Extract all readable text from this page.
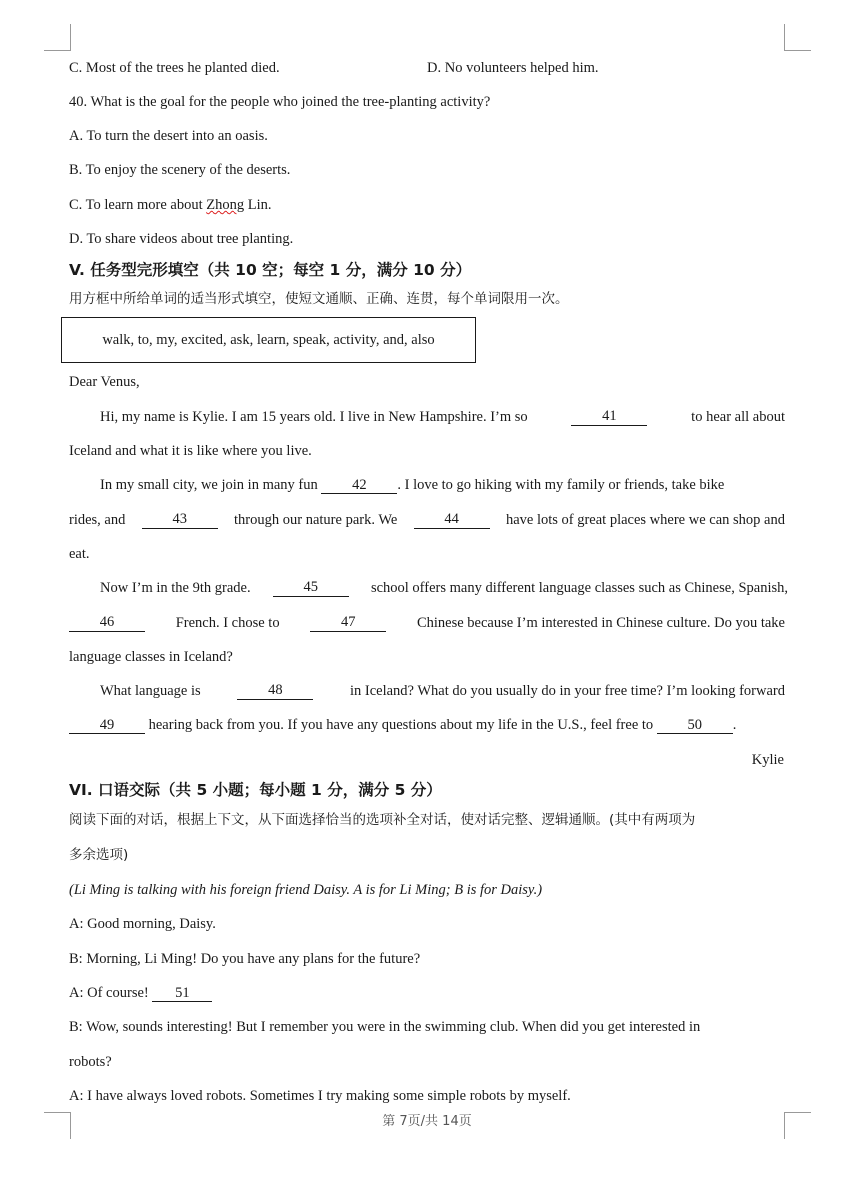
C. Most of the trees he planted died.	D. No volunteers helped him.
40. What is the goal for the people who joined the tree-planting activity?
A. To turn the desert into an oasis.
B. To enjoy the scenery of the deserts.
C. To learn more about Zhong Lin.
D. To share videos about tree planting.
V. 任务型完形填空（共 10 空；每空 1 分，满分 10 分）
用方框中所给单词的适当形式填空，使短文通顺、正确、连贯，每个单词限用一次。
walk, to, my, excited, ask, learn, speak, activity, and, also
Dear Venus,
Hi, my name is Kylie. I am 15 years old. I live in New Hampshire. I’m so	41	to hear all about
Iceland and what it is like where you live.
In my small city, we join in many fun 42 . I love to go hiking with my family or friends, take bike
rides, and	43	through our nature park. We	44	have lots of great places where we can shop and
eat.
Now I’m in the 9th grade.	45	school offers many different language classes such as Chinese, Spanish,
46	French. I chose to	47	Chinese because I’m interested in Chinese culture. Do you take
language classes in Iceland?
What language is	48	in Iceland? What do you usually do in your free time? I’m looking forward
49 hearing back from you. If you have any questions about my life in the U.S., feel free to 50 .
Kylie
VI. 口语交际（共 5 小题；每小题 1 分，满分 5 分）
阅读下面的对话，根据上下文，从下面选择恰当的选项补全对话，使对话完整、逻辑通顺。(其中有两项为
多余选项)
(Li Ming is talking with his foreign friend Daisy. A is for Li Ming; B is for Daisy.)
A: Good morning, Daisy.
B: Morning, Li Ming! Do you have any plans for the future?
A: Of course! 51
B: Wow, sounds interesting! But I remember you were in the swimming club. When did you get interested in
robots?
A: I have always loved robots. Sometimes I try making some simple robots by myself.
第 7页/共 14页
